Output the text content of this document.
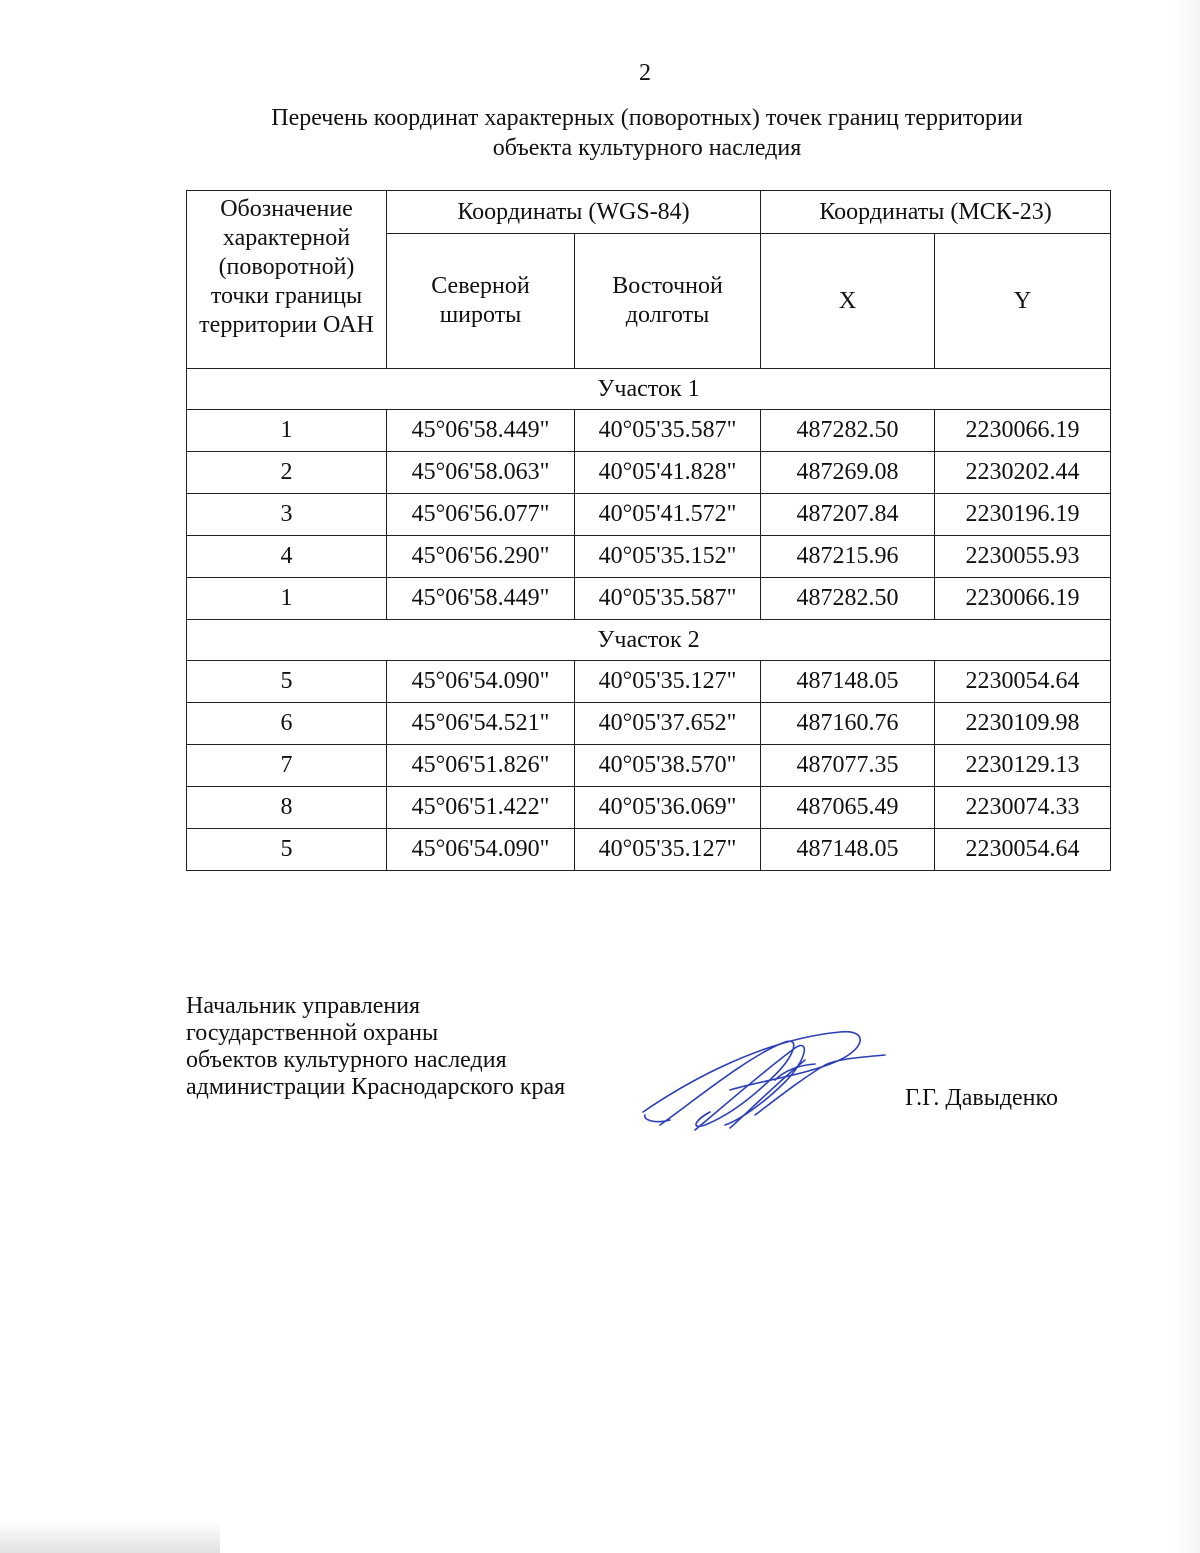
2
Перечень координат характерных (поворотных) точек границ территории
объекта культурного наследия
Обозначение характерной (поворотной) точки границы территории ОАН	Координаты (WGS-84)		Координаты (МСК-23)	
	Северной широты	Восточной долготы	X	Y
Участок 1				
1	45°06'58.449"	40°05'35.587"	487282.50	2230066.19
2	45°06'58.063"	40°05'41.828"	487269.08	2230202.44
3	45°06'56.077"	40°05'41.572"	487207.84	2230196.19
4	45°06'56.290"	40°05'35.152"	487215.96	2230055.93
1	45°06'58.449"	40°05'35.587"	487282.50	2230066.19
Участок 2				
5	45°06'54.090"	40°05'35.127"	487148.05	2230054.64
6	45°06'54.521"	40°05'37.652"	487160.76	2230109.98
7	45°06'51.826"	40°05'38.570"	487077.35	2230129.13
8	45°06'51.422"	40°05'36.069"	487065.49	2230074.33
5	45°06'54.090"	40°05'35.127"	487148.05	2230054.64
Начальник управления
государственной охраны
объектов культурного наследия
администрации Краснодарского края	Г.Г. Давыденко
